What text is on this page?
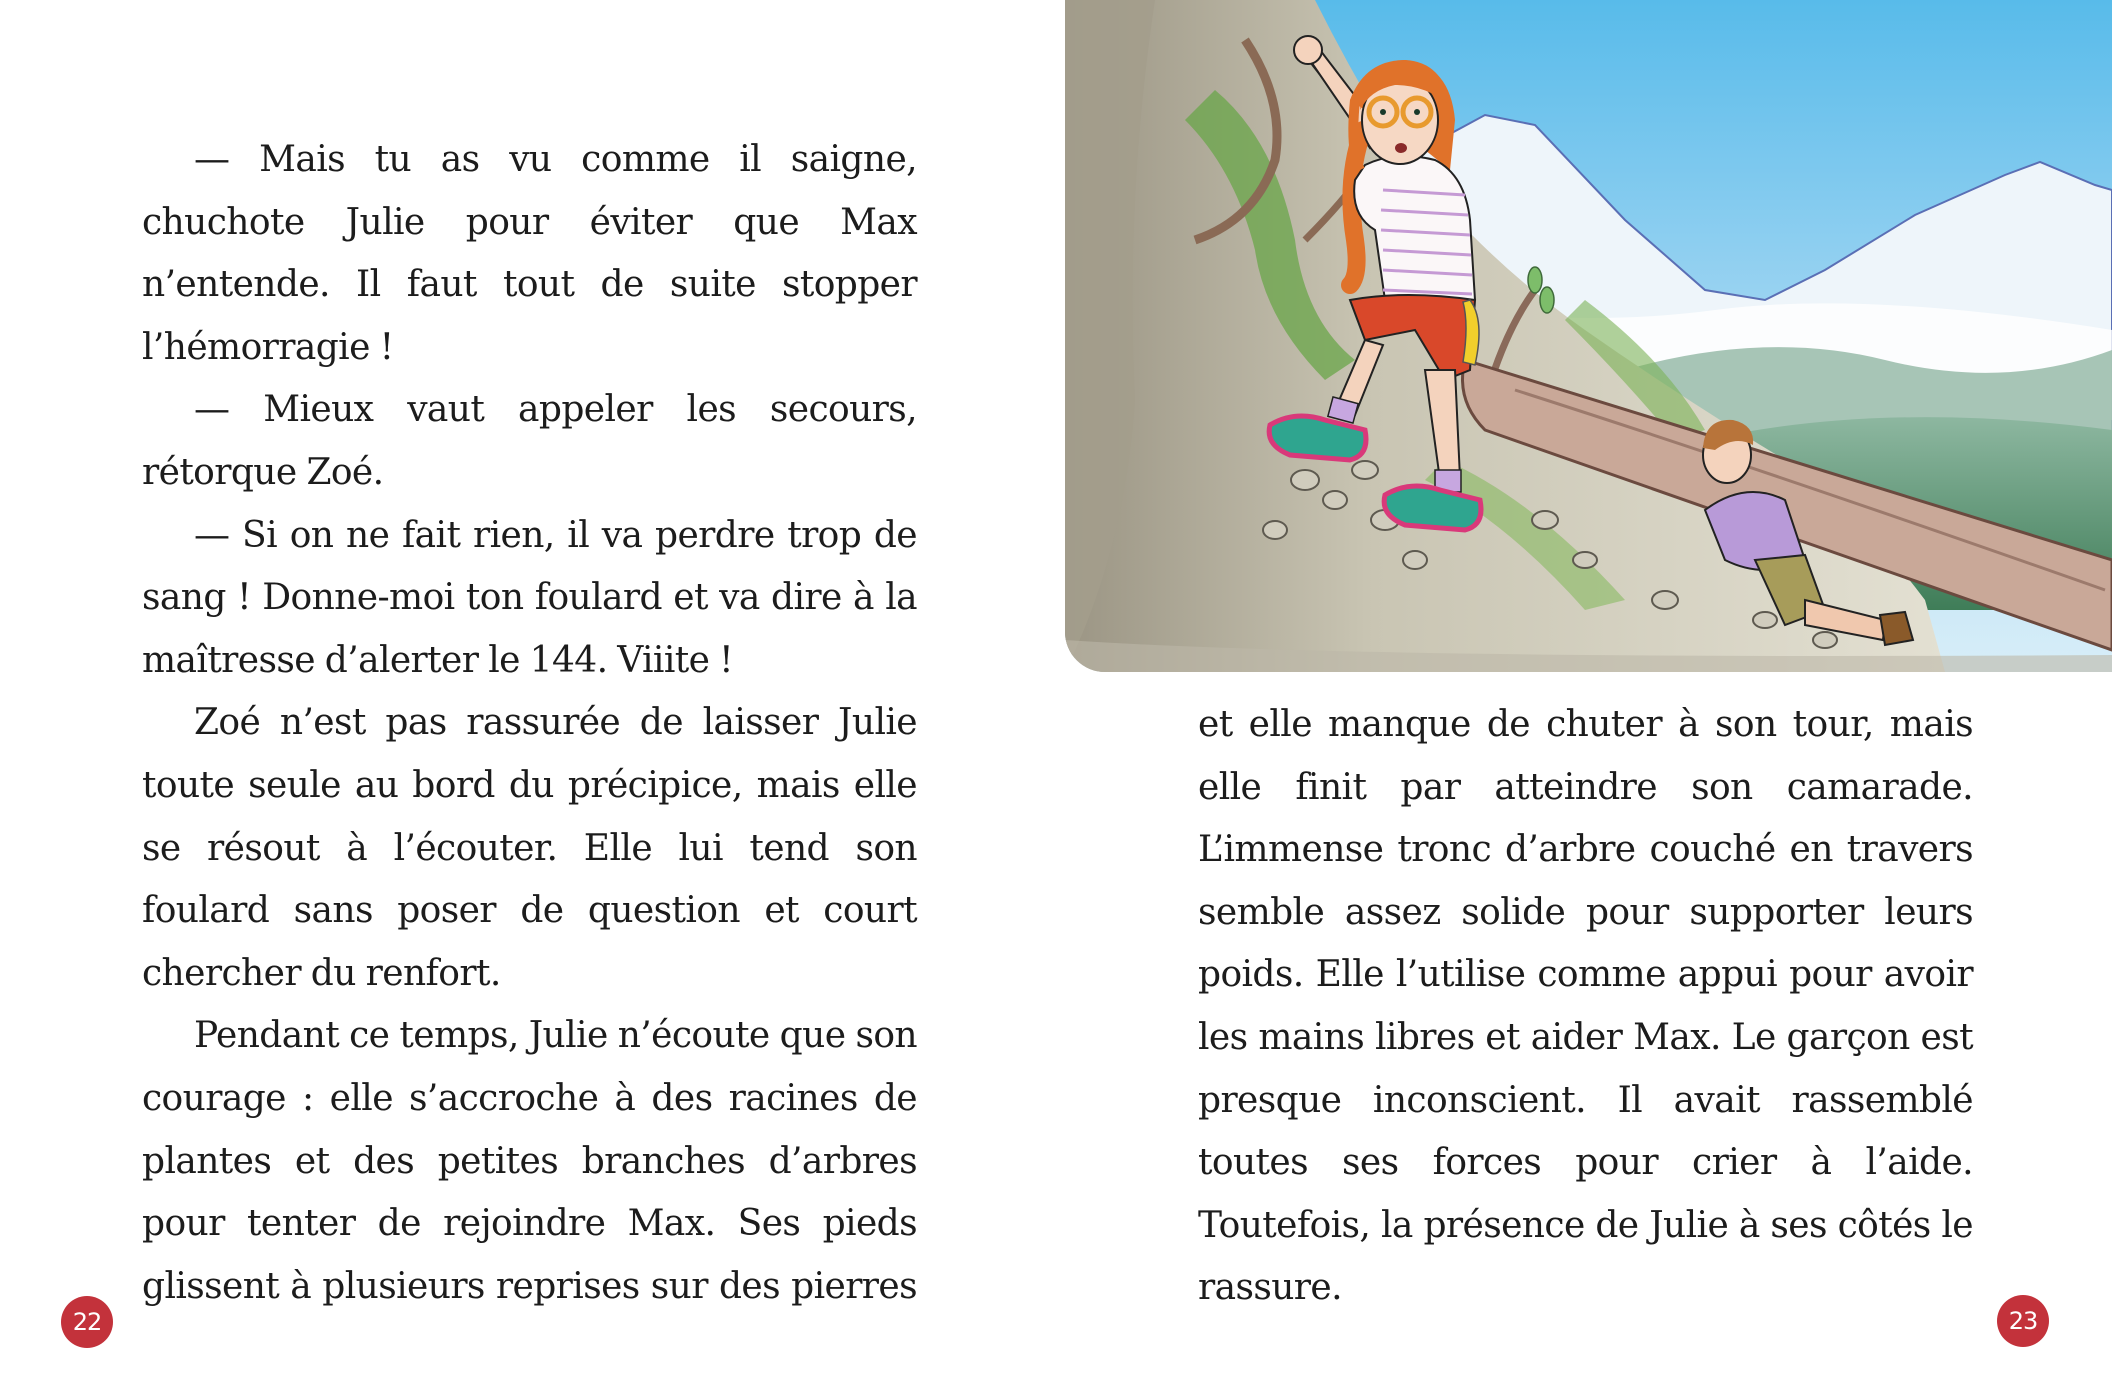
— Mais tu as vu comme il saigne, chuchote Julie pour éviter que Max n’entende. Il faut tout de suite stopper l’hémorragie !

— Mieux vaut appeler les secours, rétorque Zoé.

— Si on ne fait rien, il va perdre trop de sang ! Donne-moi ton foulard et va dire à la maîtresse d’alerter le 144. Viiite !

Zoé n’est pas rassurée de laisser Julie toute seule au bord du précipice, mais elle se résout à l’écouter. Elle lui tend son foulard sans poser de question et court chercher du renfort.

Pendant ce temps, Julie n’écoute que son courage : elle s’accroche à des racines de plantes et des petites branches d’arbres pour tenter de rejoindre Max. Ses pieds glissent à plusieurs reprises sur des pierres

22

et elle manque de chuter à son tour, mais elle finit par atteindre son camarade. L’immense tronc d’arbre couché en travers semble assez solide pour supporter leurs poids. Elle l’utilise comme appui pour avoir les mains libres et aider Max. Le garçon est presque inconscient. Il avait rassemblé toutes ses forces pour crier à l’aide. Toutefois, la présence de Julie à ses côtés le rassure.

23
